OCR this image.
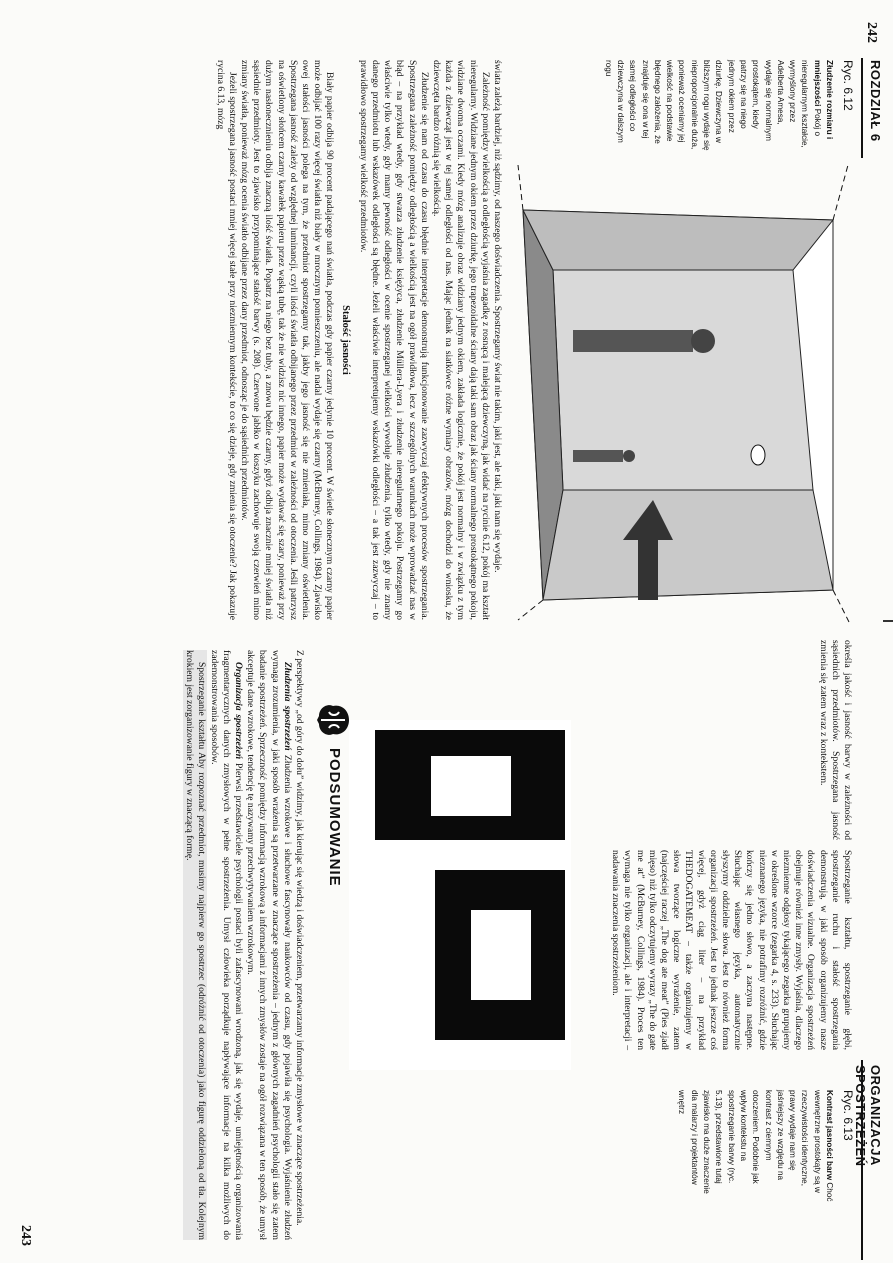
242
ROZDZIAŁ 6
Ryc. 6.12
Złudzenie rozmiaru i mniejszości Pokój o nieregularnym kształcie, wymyślony przez Adelberta Amesa, wydaje się normalnym prostokątem, kiedy patrzy się na niego jednym okiem przez dziurkę. Dziewczyna w bliższym rogu wydaje się nieproporcjonalnie duża, ponieważ oceniamy jej wielkość na podstawie błędnego założenia, że znajduje się ona w tej samej odległości co dziewczyna w dalszym rogu

świata zależą bardziej, niż sądzimy, od naszego doświadczenia. Spostrzegamy świat nie takim, jaki jest, ale taki, jaki nam się wydaje.

Zależność pomiędzy wielkością a odległością wyjaśnia zagadkę z rosnącą i malejącą dziewczyną, jak widać na rycinie 6.12, pokój ma kształt nieregularny. Widziane jednym okiem przez dziurkę, jego trapezoidalne ściany dają taki sam obraz jak ściany normalnego prostokątnego pokoju, widziane dwoma oczami. Kiedy mózg analizuje obraz widziany jednym okiem, zakłada logicznie, że pokój jest normalny i w związku z tym każda z dziewcząt jest w tej samej odległości od nas. Mając jednak na siatkówce różne wymiary obrazów, mózg dochodzi do wniosku, że dziewczęta bardzo różnią się wielkością.

Złudzenie się nam od czasu do czasu błędnie interpretacje demonstrują funkcjonowanie zazwyczaj efektywnych procesów spostrzegania. Spostrzegana zależność pomiędzy odległością a wielkością jest na ogół prawidłowa, lecz w szczególnych warunkach może wprowadzać nas w błąd – na przykład wtedy, gdy stwarza złudzenie księżyca, złudzenie Müllera-Lyera i złudzenie nieregularnego pokoju. Postrzegamy go właściwie tylko wtedy, gdy mamy pewność odległości w ocenie spostrzeganej wielkości wywołuje złudzenia, tylko wtedy, gdy nie znamy danego przedmiotu lub wskazówek odległości są błędne. Jeżeli właściwie interpretujemy wskazówki odległości – a tak jest zazwyczaj – to prawidłowo spostrzegamy wielkość przedmiotów.

Stałość jasności

Biały papier odbija 90 procent padającego nań światła, podczas gdy papier czarny jedynie 10 procent. W świetle słonecznym czarny papier może odbijać 100 razy więcej światła niż biały w mrocznym pomieszczeniu, ale nadal wydaje się czarny (McBurney, Collings, 1984). Zjawisko owej stałości jasności polega na tym, że przedmiot spostrzegamy tak, jakby jego jasność się nie zmieniała, mimo zmiany oświetlenia. Spostrzegana jasność zależy od względnej luminancji, czyli ilości światła odbijanego przez przedmiot w zależności od otoczenia. Jeśli patrzysz na oświetlony słońcem czarny kawałek papieru przez wąską tubę, tak że nie widzisz nic innego, papier może wydawać się szary, ponieważ przy dużym nasłonecznieniu odbija znaczną ilość światła. Popatrz na niego bez tuby, a znowu będzie czarny, gdyż odbija znacznie mniej światła niż sąsiednie przedmioty. Jest to zjawisko przypominające stałość barwy (s. 208). Czerwone jabłko w koszyku zachowuje swoją czerwień mimo zmiany światła, ponieważ mózg ocenia światło odbijane przez dany przedmiot, odnosząc je do sąsiednich przedmiotów.

Jeżeli spostrzegana jasność postaci mniej więcej stałe przy niezmiennym kontekście, to co się dzieje, gdy zmienia się otoczenie? Jak pokazuje rycina 6.13, mózg

ORGANIZACJA SPOSTRZEŻEŃ
243
Ryc. 6.13
Kontrast jasności barw Choć wewnętrzne prostokąty są w rzeczywistości identyczne, prawy wydaje nam się jaśniejszy ze względu na kontrast z ciemnym otoczeniem. Podobnie jak wpływ kontekstu na spostrzeganie barwy (ryc. 5.13), przedstawione tutaj zjawisko ma duże znaczenie dla malarzy i projektantów wnętrz

określa jakość i jasność barwy w zależności od sąsiednich przedmiotów. Spostrzegana jasność zmienia się zatem wraz z kontekstem.

Spostrzeganie kształtu, spostrzeganie głębi, spostrzeganie ruchu i stałość spostrzegania demonstrują, w jaki sposób organizujemy nasze doświadczenia wizualne. Organizacja spostrzeżeń obejmuje również inne zmysły. Wyjaśnia, dlaczego niezmienne odgłosy tykającego zegarka grupujemy w określone wzorce (zegarka 4, s. 233). Słuchając nieznanego języka, nie potrafimy rozróżnić, gdzie kończy się jedno słowo, a zaczyna następne. Słuchając własnego języka, automatycznie słyszymy oddzielne słowa. Jest to również forma organizacji spostrzeżeń. Jest to jednak jeszcze coś więcej, gdyż ciąg liter – na przykład THEDOGATEMEAT – także organizujemy w słowa tworzące logiczne wyrażenie, zatem (najczęściej raczej „The dog ate meat” (Pies zjadł mięso) niż tylko odczytujemy wyrazy „The do gate me at” (McBurney, Collings, 1984). Proces ten wymaga nie tylko organizacji, ale i interpretacji – nadawania znaczenia spostrzeżeniom.

PODSUMOWANIE

Z perspektywy „od góry do dołu” widzimy, jak kierując się wiedzą i doświadczeniem, przetwarzamy informacje zmysłowe w znaczące spostrzeżenia.

Złudzenia spostrzeżeń Złudzenia wzrokowe i słuchowe fascynowały naukowców od czasu, gdy pojawiła się psychologia. Wyjaśnienie złudzeń wymaga zrozumienia, w jaki sposób wrażenia są przetwarzane w znaczące spostrzeżenia – jednym z głównych zagadnień psychologii stało się zatem badanie spostrzeżeń. Sprzeczność pomiędzy informacją wzrokową a informacjami z innych zmysłów zostaje na ogół rozwiązana w ten sposób, że umysł akceptuje dane wzrokowe, tendencję tę nazywamy przechwytywaniem wzrokowym.

Organizacja spostrzeżeń Pierwsi przedstawiciele psychologii postaci byli zafascynowani wrodzoną, jak się wydaje, umiejętnością organizowania fragmentarycznych danych zmysłowych w pełne spostrzeżenia. Umysł człowieka porządkuje napływające informacje na kilka możliwych do zademonstrowania sposobów.

Spostrzeganie kształtu Aby rozpoznać przedmiot, musimy najpierw go spostrzec (odróżnić od otoczenia) jako figurę oddzieloną od tła. Kolejnym krokiem jest zorganizowanie figury w znaczącą formę.
